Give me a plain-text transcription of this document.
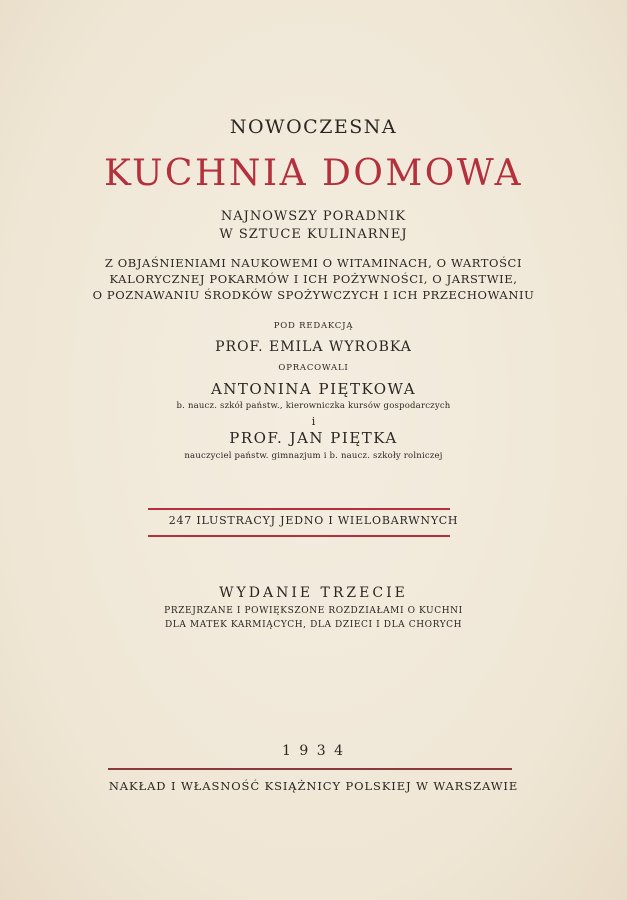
NOWOCZESNA
KUCHNIA DOMOWA
NAJNOWSZY PORADNIK
W SZTUCE KULINARNEJ
Z OBJAŚNIENIAMI NAUKOWEMI O WITAMINACH, O WARTOŚCI
KALORYCZNEJ POKARMÓW I ICH POŻYWNOŚCI, O JARSTWIE,
O POZNAWANIU ŚRODKÓW SPOŻYWCZYCH I ICH PRZECHOWANIU
POD REDAKCJĄ
PROF. EMILA WYROBKA
OPRACOWALI
ANTONINA PIĘTKOWA
b. naucz. szkół państw., kierowniczka kursów gospodarczych
i
PROF. JAN PIĘTKA
nauczyciel państw. gimnazjum i b. naucz. szkoły rolniczej
247 ILUSTRACYJ JEDNO I WIELOBARWNYCH
WYDANIE TRZECIE
PRZEJRZANE I POWIĘKSZONE ROZDZIAŁAMI O KUCHNI
DLA MATEK KARMIĄCYCH, DLA DZIECI I DLA CHORYCH
1 9 3 4
NAKŁAD I WŁASNOŚĆ KSIĄŻNICY POLSKIEJ W WARSZAWIE
